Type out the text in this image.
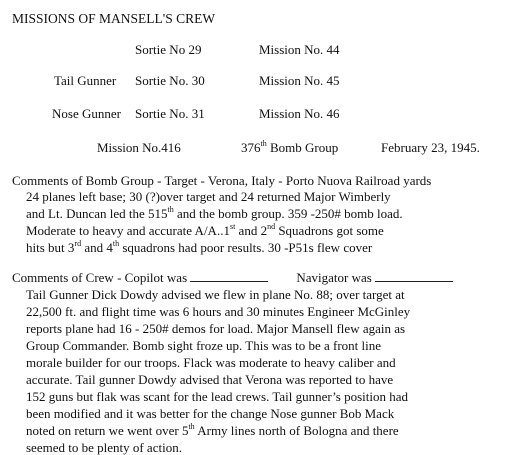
MISSIONS OF MANSELL'S CREW
Sortie No 29	Mission No. 44
Tail Gunner Sortie No. 30	Mission No. 45
Nose Gunner Sortie No. 31	Mission No. 46
Mission No.416	376th Bomb Group	February 23, 1945.
Comments of Bomb Group - Target - Verona, Italy - Porto Nuova Railroad yards
24 planes left base; 30 (?)over target and 24 returned Major Wimberly
and Lt. Duncan led the 515th and the bomb group. 359 -250# bomb load.
Moderate to heavy and accurate A/A..1st and 2nd Squadrons got some
hits but 3rd and 4th squadrons had poor results. 30 -P51s flew cover
Comments of Crew - Copilot was	Navigator was
Tail Gunner Dick Dowdy advised we flew in plane No. 88; over target at
22,500 ft. and flight time was 6 hours and 30 minutes Engineer McGinley
reports plane had 16 - 250# demos for load. Major Mansell flew again as
Group Commander. Bomb sight froze up. This was to be a front line
morale builder for our troops. Flack was moderate to heavy caliber and
accurate. Tail gunner Dowdy advised that Verona was reported to have
152 guns but flak was scant for the lead crews. Tail gunner’s position had
been modified and it was better for the change Nose gunner Bob Mack
noted on return we went over 5th Army lines north of Bologna and there
seemed to be plenty of action.
